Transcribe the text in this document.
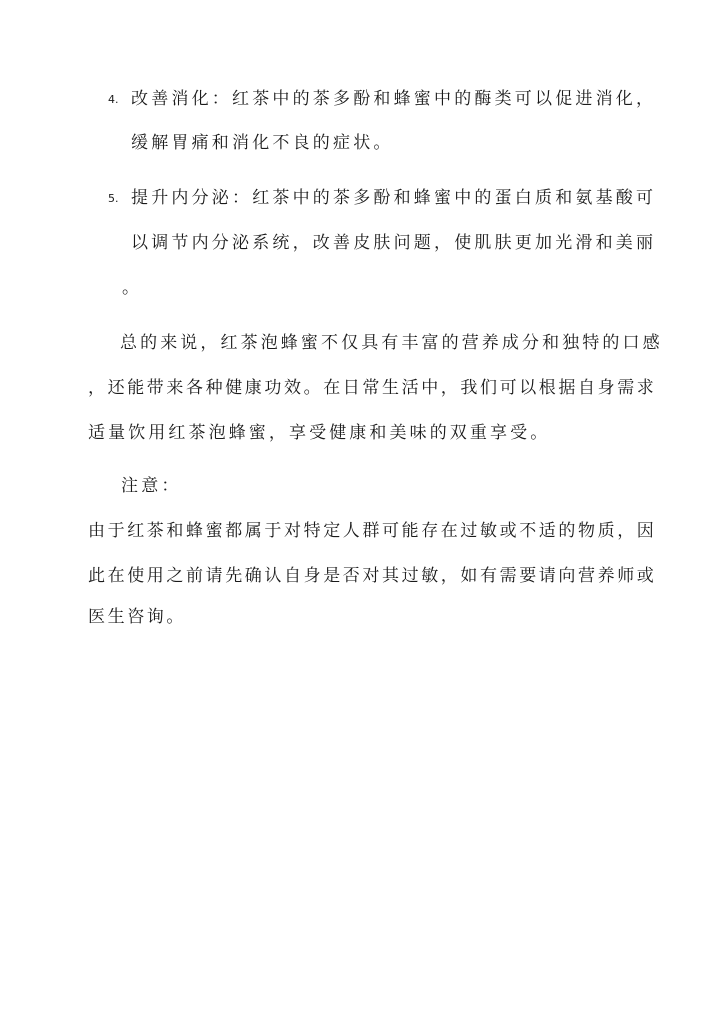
4. 改善消化：红茶中的茶多酚和蜂蜜中的酶类可以促进消化，
缓解胃痛和消化不良的症状。
5. 提升内分泌：红茶中的茶多酚和蜂蜜中的蛋白质和氨基酸可
以调节内分泌系统，改善皮肤问题，使肌肤更加光滑和美丽
。
总的来说，红茶泡蜂蜜不仅具有丰富的营养成分和独特的口感
，还能带来各种健康功效。在日常生活中，我们可以根据自身需求
适量饮用红茶泡蜂蜜，享受健康和美味的双重享受。
注意：
由于红茶和蜂蜜都属于对特定人群可能存在过敏或不适的物质，因
此在使用之前请先确认自身是否对其过敏，如有需要请向营养师或
医生咨询。
